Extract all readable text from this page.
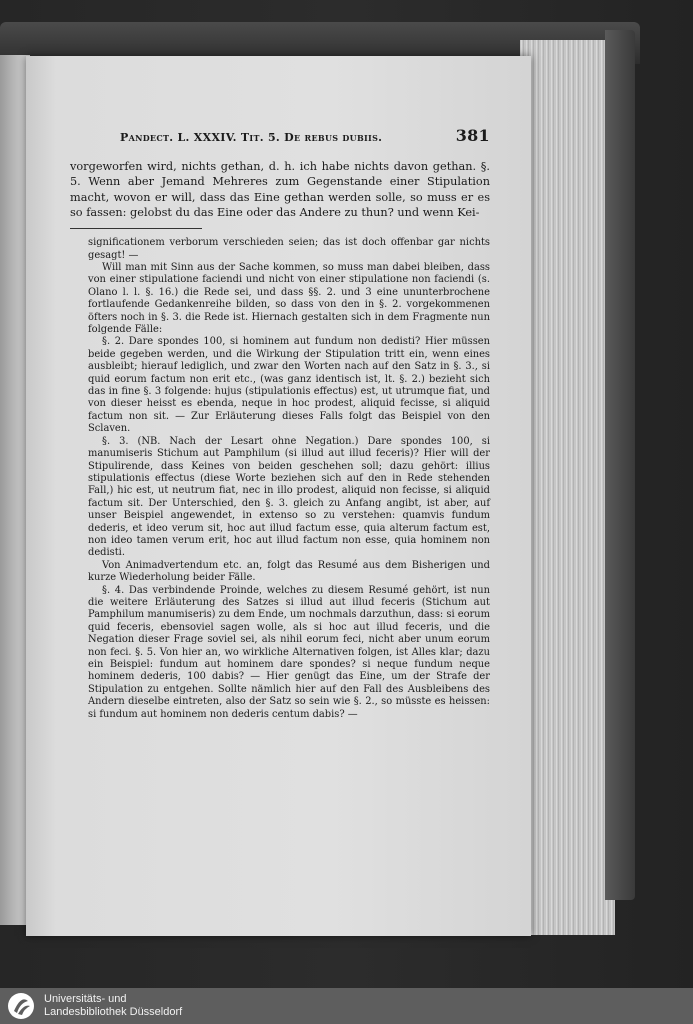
Pandect. L. XXXIV. Tit. 5. De rebus dubiis.	381

vorgeworfen wird, nichts gethan, d. h. ich habe nichts davon gethan. §. 5. Wenn aber Jemand Mehreres zum Gegenstande einer Stipulation macht, wovon er will, dass das Eine gethan werden solle, so muss er es so fassen: gelobst du das Eine oder das Andere zu thun? und wenn Kei-

significationem verborum verschieden seien; das ist doch offenbar gar nichts gesagt! —

Will man mit Sinn aus der Sache kommen, so muss man dabei bleiben, dass von einer stipulatione faciendi und nicht von einer stipulatione non faciendi (s. Olano l. l. §. 16.) die Rede sei, und dass §§. 2. und 3 eine ununterbrochene fortlaufende Gedankenreihe bilden, so dass von den in §. 2. vorgekommenen öfters noch in §. 3. die Rede ist. Hiernach gestalten sich in dem Fragmente nun folgende Fälle:

§. 2. Dare spondes 100, si hominem aut fundum non dedisti? Hier müssen beide gegeben werden, und die Wirkung der Stipulation tritt ein, wenn eines ausbleibt; hierauf lediglich, und zwar den Worten nach auf den Satz in §. 3., si quid eorum factum non erit etc., (was ganz identisch ist, lt. §. 2.) bezieht sich das in fine §. 3 folgende: hujus (stipulationis effectus) est, ut utrumque fiat, und von dieser heisst es ebenda, neque in hoc prodest, aliquid fecisse, si aliquid factum non sit. — Zur Erläuterung dieses Falls folgt das Beispiel von den Sclaven.

§. 3. (NB. Nach der Lesart ohne Negation.) Dare spondes 100, si manumiseris Stichum aut Pamphilum (si illud aut illud feceris)? Hier will der Stipulirende, dass Keines von beiden geschehen soll; dazu gehört: illius stipulationis effectus (diese Worte beziehen sich auf den in Rede stehenden Fall,) hic est, ut neutrum fiat, nec in illo prodest, aliquid non fecisse, si aliquid factum sit. Der Unterschied, den §. 3. gleich zu Anfang angibt, ist aber, auf unser Beispiel angewendet, in extenso so zu verstehen: quamvis fundum dederis, et ideo verum sit, hoc aut illud factum esse, quia alterum factum est, non ideo tamen verum erit, hoc aut illud factum non esse, quia hominem non dedisti.

Von Animadvertendum etc. an, folgt das Resumé aus dem Bisherigen und kurze Wiederholung beider Fälle.

§. 4. Das verbindende Proinde, welches zu diesem Resumé gehört, ist nun die weitere Erläuterung des Satzes si illud aut illud feceris (Stichum aut Pamphilum manumiseris) zu dem Ende, um nochmals darzuthun, dass: si eorum quid feceris, ebensoviel sagen wolle, als si hoc aut illud feceris, und die Negation dieser Frage soviel sei, als nihil eorum feci, nicht aber unum eorum non feci. §. 5. Von hier an, wo wirkliche Alternativen folgen, ist Alles klar; dazu ein Beispiel: fundum aut hominem dare spondes? si neque fundum neque hominem dederis, 100 dabis? — Hier genügt das Eine, um der Strafe der Stipulation zu entgehen. Sollte nämlich hier auf den Fall des Ausbleibens des Andern dieselbe eintreten, also der Satz so sein wie §. 2., so müsste es heissen: si fundum aut hominem non dederis centum dabis? —

Universitäts- und
Landesbibliothek Düsseldorf
